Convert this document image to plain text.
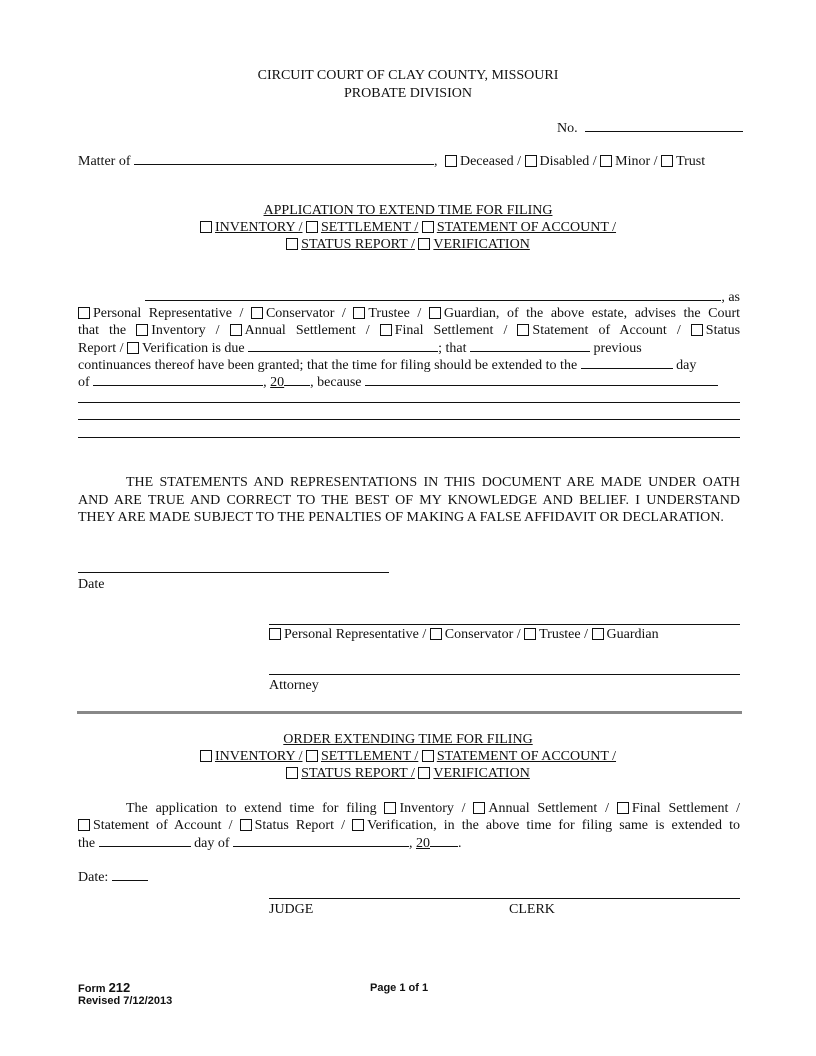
CIRCUIT COURT OF CLAY COUNTY, MISSOURI
PROBATE DIVISION
No.
Matter of	, Deceased / Disabled / Minor / Trust
APPLICATION TO EXTEND TIME FOR FILING
INVENTORY / SETTLEMENT / STATEMENT OF ACCOUNT /
STATUS REPORT / VERIFICATION
, as
Personal Representative / Conservator / Trustee / Guardian, of the above estate, advises the Court
that the Inventory / Annual Settlement / Final Settlement / Statement of Account / Status
Report / Verification is due	; that	previous
continuances thereof have been granted; that the time for filing should be extended to the	day
of	, 20 , because
THE STATEMENTS AND REPRESENTATIONS IN THIS DOCUMENT ARE MADE UNDER OATH AND ARE TRUE AND CORRECT TO THE BEST OF MY KNOWLEDGE AND BELIEF. I UNDERSTAND THEY ARE MADE SUBJECT TO THE PENALTIES OF MAKING A FALSE AFFIDAVIT OR DECLARATION.
Date
Personal Representative / Conservator / Trustee / Guardian
Attorney
ORDER EXTENDING TIME FOR FILING
INVENTORY / SETTLEMENT / STATEMENT OF ACCOUNT /
STATUS REPORT / VERIFICATION
The application to extend time for filing Inventory / Annual Settlement / Final Settlement /
Statement of Account / Status Report / Verification, in the above time for filing same is extended to
the	day of	, 20 .
Date:
JUDGE	CLERK
Form 212
Revised 7/12/2013
Page 1 of 1
